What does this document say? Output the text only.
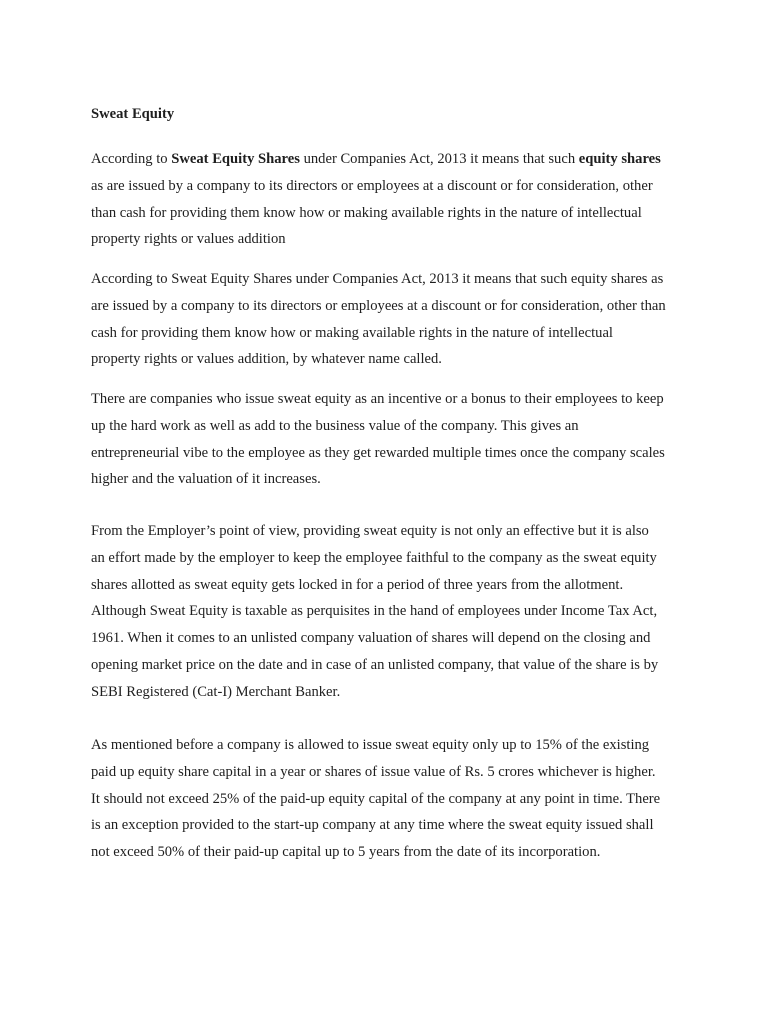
Sweat Equity

According to Sweat Equity Shares under Companies Act, 2013 it means that such equity shares as are issued by a company to its directors or employees at a discount or for consideration, other than cash for providing them know how or making available rights in the nature of intellectual property rights or values addition

According to Sweat Equity Shares under Companies Act, 2013 it means that such equity shares as are issued by a company to its directors or employees at a discount or for consideration, other than cash for providing them know how or making available rights in the nature of intellectual property rights or values addition, by whatever name called.

There are companies who issue sweat equity as an incentive or a bonus to their employees to keep up the hard work as well as add to the business value of the company. This gives an entrepreneurial vibe to the employee as they get rewarded multiple times once the company scales higher and the valuation of it increases.

From the Employer’s point of view, providing sweat equity is not only an effective but it is also an effort made by the employer to keep the employee faithful to the company as the sweat equity shares allotted as sweat equity gets locked in for a period of three years from the allotment. Although Sweat Equity is taxable as perquisites in the hand of employees under Income Tax Act, 1961. When it comes to an unlisted company valuation of shares will depend on the closing and opening market price on the date and in case of an unlisted company, that value of the share is by SEBI Registered (Cat-I) Merchant Banker.

As mentioned before a company is allowed to issue sweat equity only up to 15% of the existing paid up equity share capital in a year or shares of issue value of Rs. 5 crores whichever is higher. It should not exceed 25% of the paid-up equity capital of the company at any point in time. There is an exception provided to the start-up company at any time where the sweat equity issued shall not exceed 50% of their paid-up capital up to 5 years from the date of its incorporation.
